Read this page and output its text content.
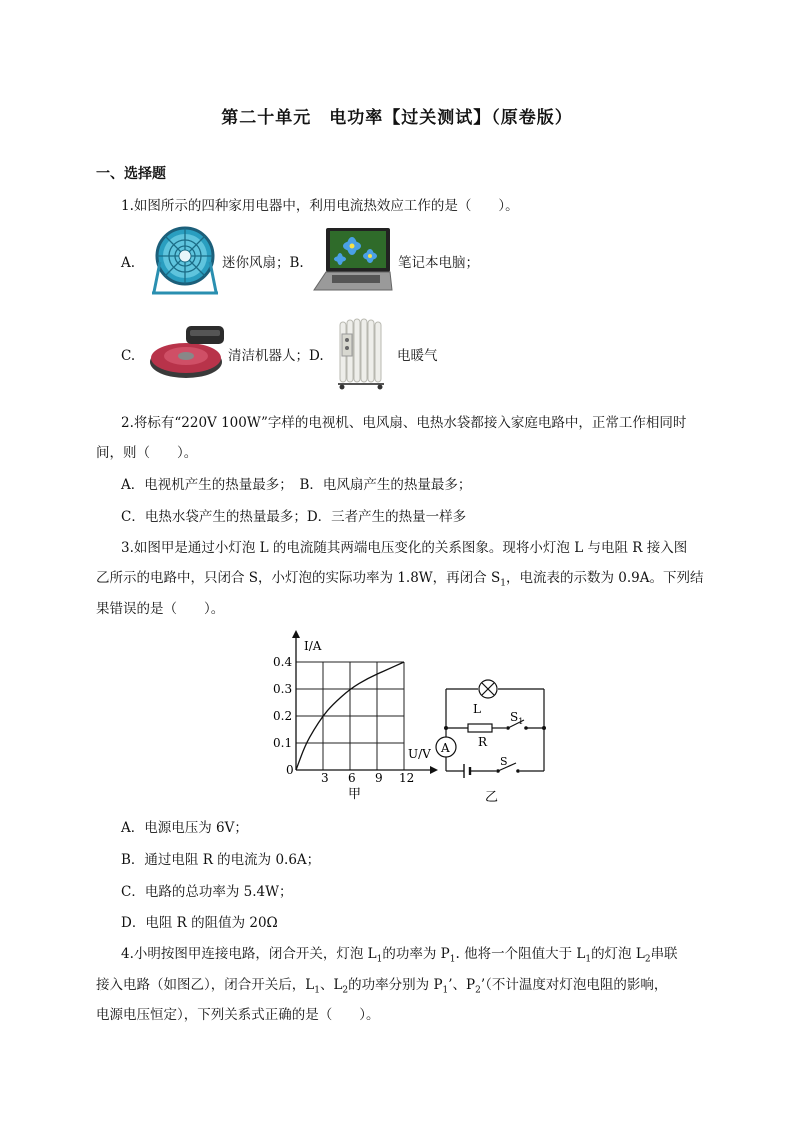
第二十单元　电功率【过关测试】（原卷版）
一、选择题
1.如图所示的四种家用电器中，利用电流热效应工作的是（　　）。
A.	迷你风扇；B.	笔记本电脑；
C.	清洁机器人；D.	电暖气
2.将标有“220V 100W”字样的电视机、电风扇、电热水袋都接入家庭电路中，正常工作相同时
间，则（　　）。
A．电视机产生的热量最多；　B．电风扇产生的热量最多；
C．电热水袋产生的热量最多；D．三者产生的热量一样多
3.如图甲是通过小灯泡 L 的电流随其两端电压变化的关系图象。现将小灯泡 L 与电阻 R 接入图
乙所示的电路中，只闭合 S，小灯泡的实际功率为 1.8W，再闭合 $S_1$，电流表的示数为 0.9A。下列结
果错误的是（　　）。
I/A
U/V
0
0.1
0.2
0.3
0.4
3 6 9 12
甲
A
L
R
$S_1$
S
乙
A．电源电压为 6V；
B．通过电阻 R 的电流为 0.6A；
C．电路的总功率为 5.4W；
D．电阻 R 的阻值为 20Ω
4.小明按图甲连接电路，闭合开关，灯泡 $L_1$的功率为 $P_1$. 他将一个阻值大于 $L_1$的灯泡 $L_2$串联
接入电路（如图乙），闭合开关后，$L_1$、$L_2$的功率分别为 $P_1$’、$P_2$’（不计温度对灯泡电阻的影响，
电源电压恒定），下列关系式正确的是（　　）。
